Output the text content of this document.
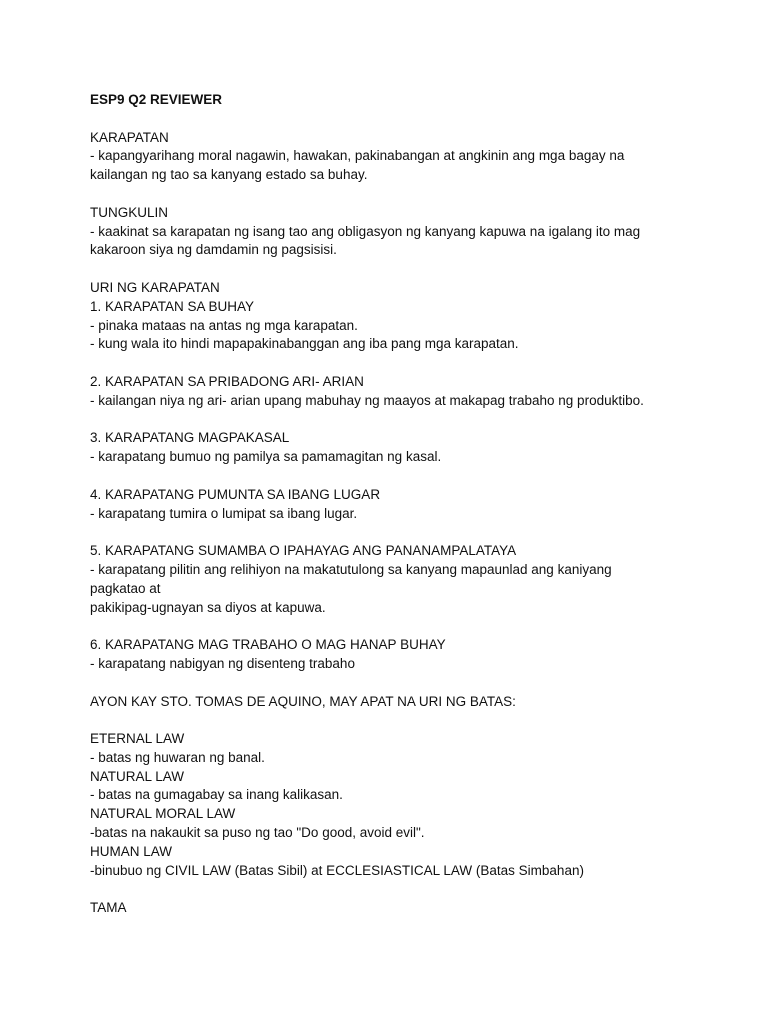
ESP9 Q2 REVIEWER

KARAPATAN

- kapangyarihang moral nagawin, hawakan, pakinabangan at angkinin ang mga bagay na

kailangan ng tao sa kanyang estado sa buhay.

TUNGKULIN

- kaakinat sa karapatan ng isang tao ang obligasyon ng kanyang kapuwa na igalang ito mag

kakaroon siya ng damdamin ng pagsisisi.

URI NG KARAPATAN

1. KARAPATAN SA BUHAY

- pinaka mataas na antas ng mga karapatan.

- kung wala ito hindi mapapakinabanggan ang iba pang mga karapatan.

2. KARAPATAN SA PRIBADONG ARI- ARIAN

- kailangan niya ng ari- arian upang mabuhay ng maayos at makapag trabaho ng produktibo.

3. KARAPATANG MAGPAKASAL

- karapatang bumuo ng pamilya sa pamamagitan ng kasal.

4. KARAPATANG PUMUNTA SA IBANG LUGAR

- karapatang tumira o lumipat sa ibang lugar.

5. KARAPATANG SUMAMBA O IPAHAYAG ANG PANANAMPALATAYA

- karapatang pilitin ang relihiyon na makatutulong sa kanyang mapaunlad ang kaniyang

pagkatao at

pakikipag-ugnayan sa diyos at kapuwa.

6. KARAPATANG MAG TRABAHO O MAG HANAP BUHAY

- karapatang nabigyan ng disenteng trabaho

AYON KAY STO. TOMAS DE AQUINO, MAY APAT NA URI NG BATAS:

ETERNAL LAW

- batas ng huwaran ng banal.

NATURAL LAW

- batas na gumagabay sa inang kalikasan.

NATURAL MORAL LAW

-batas na nakaukit sa puso ng tao "Do good, avoid evil".

HUMAN LAW

-binubuo ng CIVIL LAW (Batas Sibil) at ECCLESIASTICAL LAW (Batas Simbahan)

TAMA
